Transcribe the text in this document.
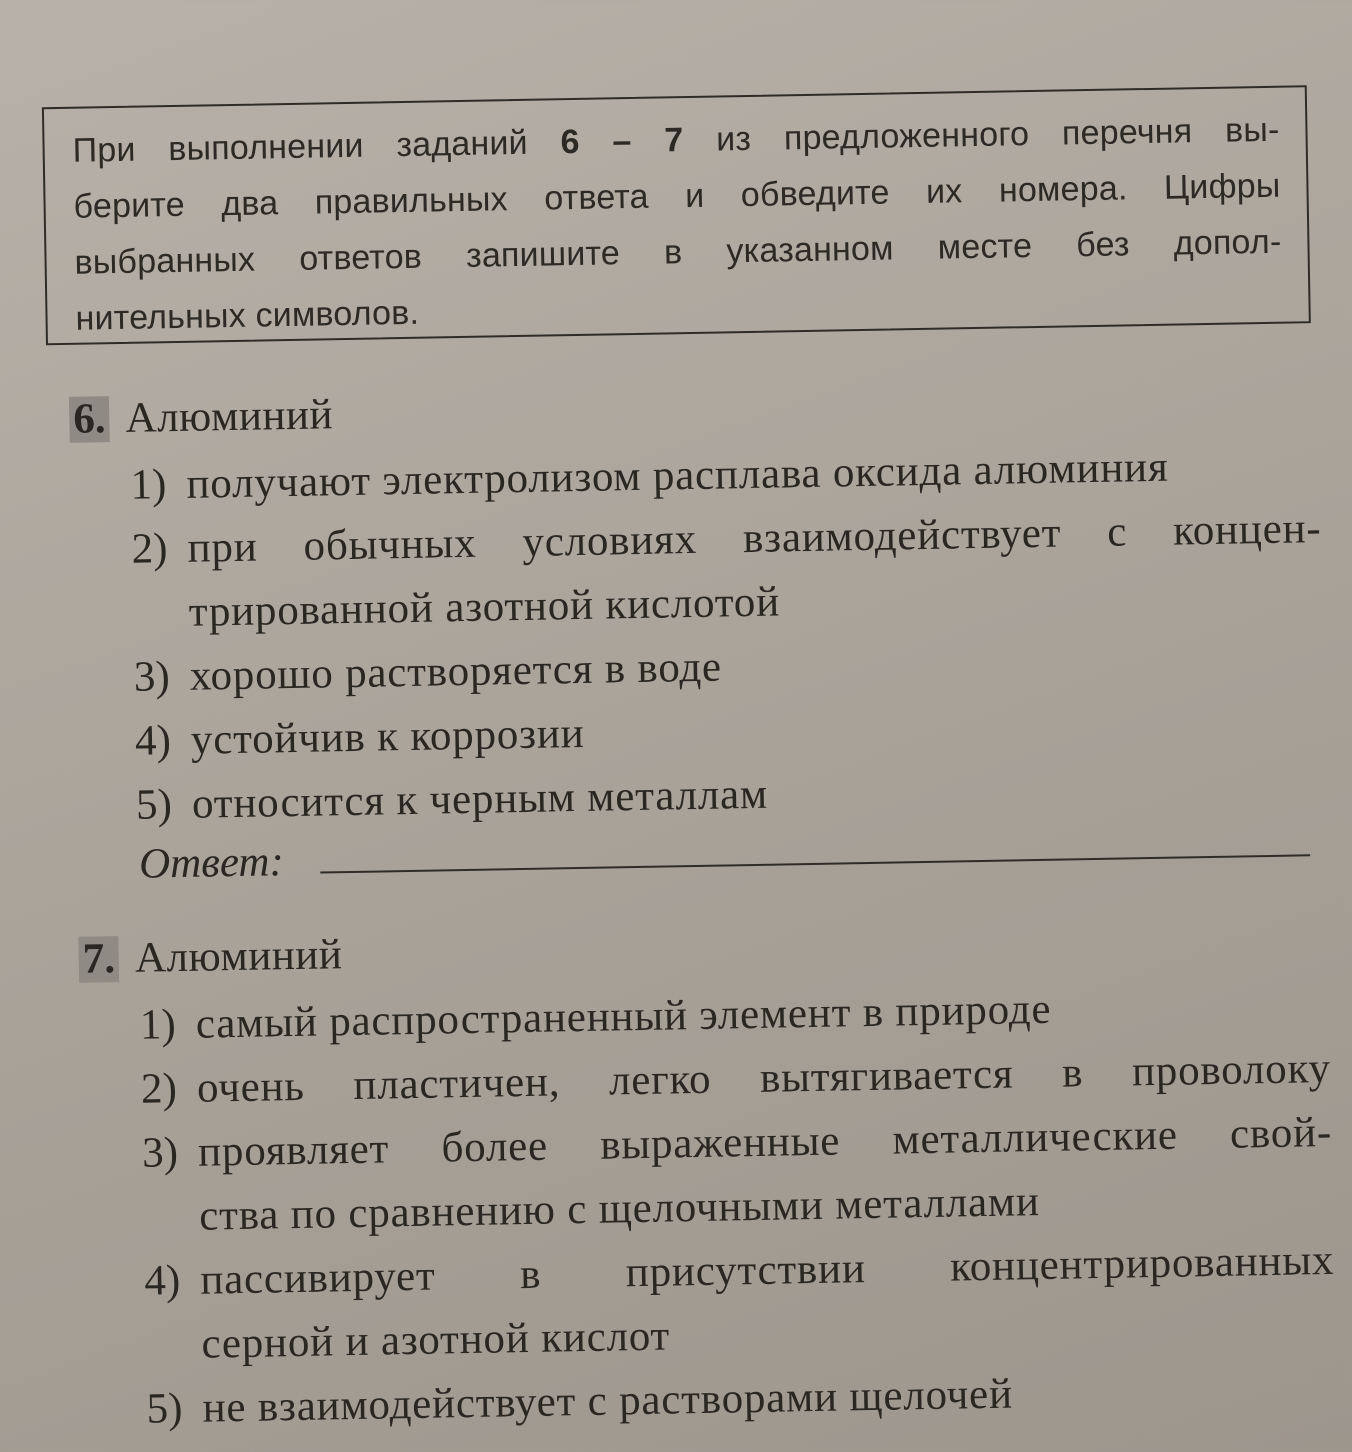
При выполнении заданий 6 – 7 из предложенного перечня вы-
берите два правильных ответа и обведите их номера. Цифры
выбранных ответов запишите в указанном месте без допол-
нительных символов.
6. Алюминий
1) получают электролизом расплава оксида алюминия
2) при обычных условиях взаимодействует с концен-
трированной азотной кислотой
3) хорошо растворяется в воде
4) устойчив к коррозии
5) относится к черным металлам
Ответ:
7. Алюминий
1) самый распространенный элемент в природе
2) очень пластичен, легко вытягивается в проволоку
3) проявляет более выраженные металлические свой-
ства по сравнению с щелочными металлами
4) пассивирует в присутствии концентрированных
серной и азотной кислот
5) не взаимодействует с растворами щелочей
